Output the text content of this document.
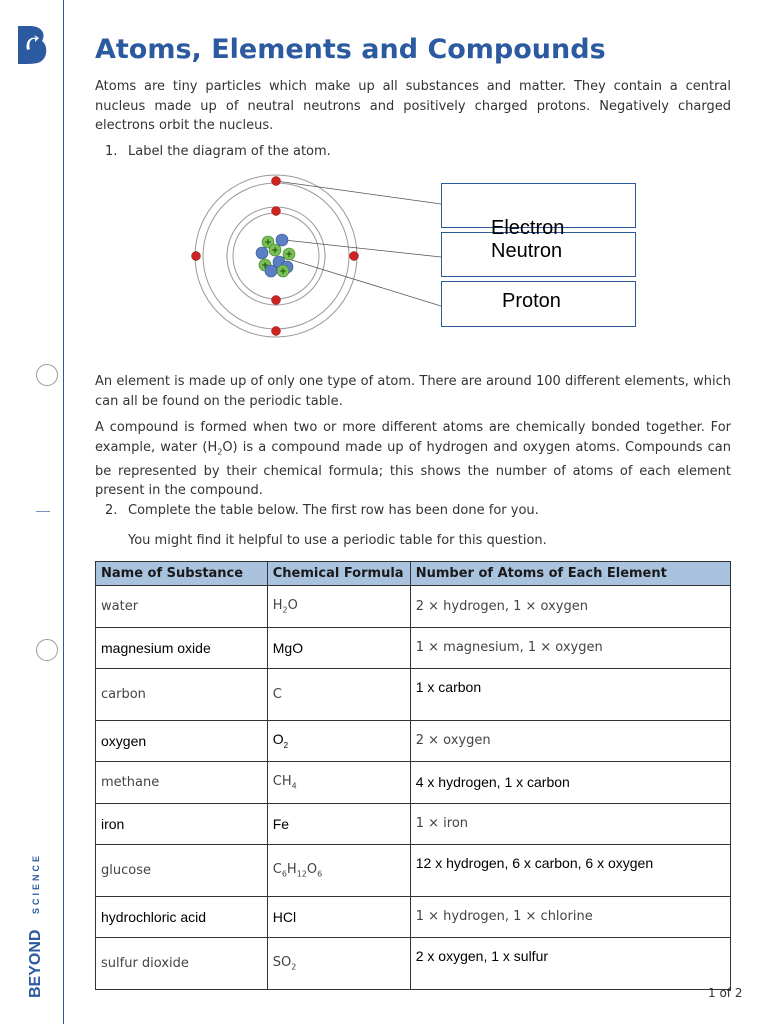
BEYOND
SCIENCE
Atoms, Elements and Compounds

Atoms are tiny particles which make up all substances and matter. They contain a central nucleus made up of neutral neutrons and positively charged protons. Negatively charged electrons orbit the nucleus.

1. Label the diagram of the atom.
+
+ +
+
+
Electron
Neutron
Proton

An element is made up of only one type of atom. There are around 100 different elements, which can all be found on the periodic table.

A compound is formed when two or more different atoms are chemically bonded together. For example, water $(H_2O)$ is a compound made up of hydrogen and oxygen atoms. Compounds can be represented by their chemical formula; this shows the number of atoms of each element present in the compound.

2. Complete the table below. The first row has been done for you.
You might find it helpful to use a periodic table for this question.
Name of Substance	Chemical Formula	Number of Atoms of Each Element
water	$H_2O$	2 × hydrogen, 1 × oxygen
magnesium oxide	MgO	1 × magnesium, 1 × oxygen
carbon	C	1 x carbon
oxygen	$O_2$	2 × oxygen
methane	$CH_4$	4 x hydrogen, 1 x carbon
iron	Fe	1 × iron
glucose	$C_6H_{12}O_6$	12 x hydrogen, 6 x carbon, 6 x oxygen
hydrochloric acid	HCl	1 × hydrogen, 1 × chlorine
sulfur dioxide	$SO_2$	2 x oxygen, 1 x sulfur
1 of 2
